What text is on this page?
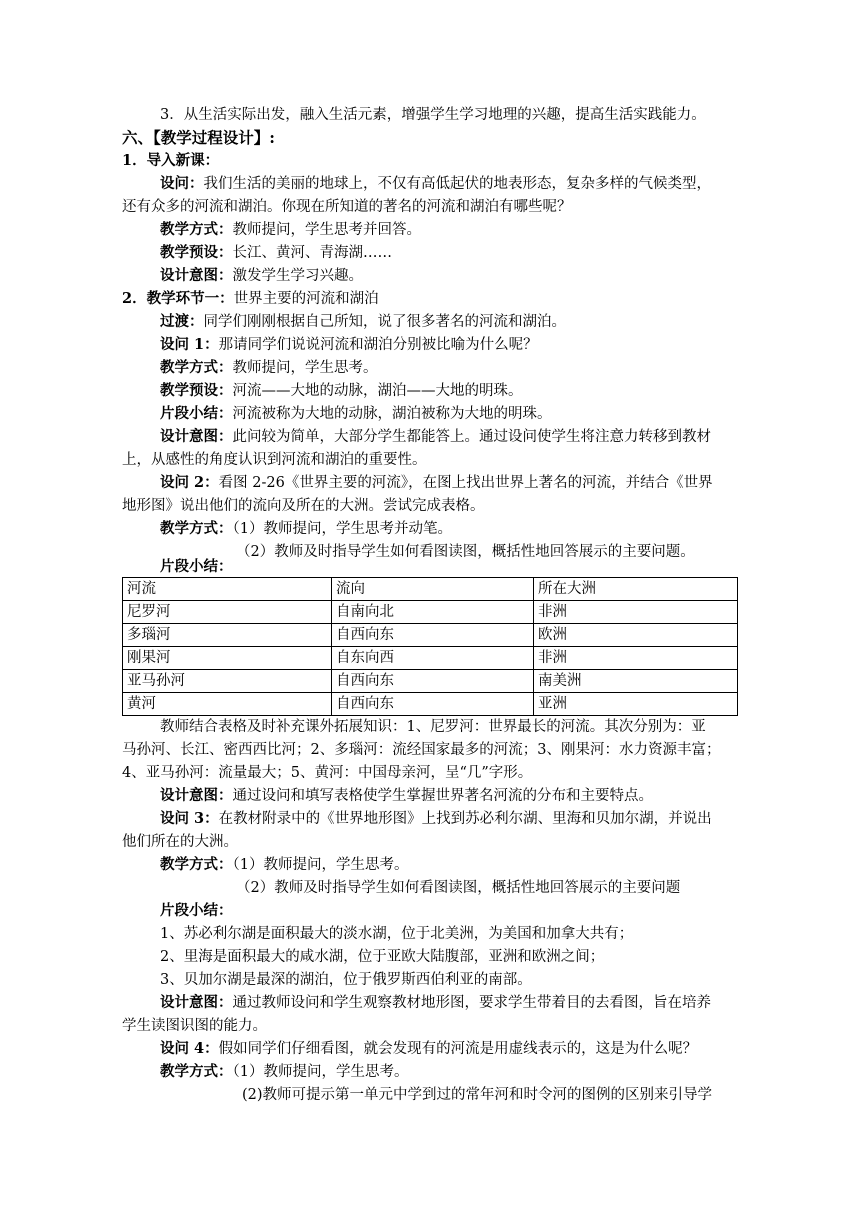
3．从生活实际出发，融入生活元素，增强学生学习地理的兴趣，提高生活实践能力。
六、【教学过程设计】:
1．导入新课：
设问：我们生活的美丽的地球上，不仅有高低起伏的地表形态，复杂多样的气候类型，
还有众多的河流和湖泊。你现在所知道的著名的河流和湖泊有哪些呢？
教学方式：教师提问，学生思考并回答。
教学预设：长江、黄河、青海湖……
设计意图：激发学生学习兴趣。
2．教学环节一：世界主要的河流和湖泊
过渡：同学们刚刚根据自己所知，说了很多著名的河流和湖泊。
设问 1：那请同学们说说河流和湖泊分别被比喻为什么呢？
教学方式：教师提问，学生思考。
教学预设：河流——大地的动脉，湖泊——大地的明珠。
片段小结：河流被称为大地的动脉，湖泊被称为大地的明珠。
设计意图：此问较为简单，大部分学生都能答上。通过设问使学生将注意力转移到教材
上，从感性的角度认识到河流和湖泊的重要性。
设问 2：看图 2-26《世界主要的河流》，在图上找出世界上著名的河流，并结合《世界
地形图》说出他们的流向及所在的大洲。尝试完成表格。
教学方式：（1）教师提问，学生思考并动笔。
（2）教师及时指导学生如何看图读图，概括性地回答展示的主要问题。
片段小结：
河流	流向	所在大洲
尼罗河	自南向北	非洲
多瑙河	自西向东	欧洲
刚果河	自东向西	非洲
亚马孙河	自西向东	南美洲
黄河	自西向东	亚洲
教师结合表格及时补充课外拓展知识：1、尼罗河：世界最长的河流。其次分别为：亚
马孙河、长江、密西西比河；2、多瑙河：流经国家最多的河流；3、刚果河：水力资源丰富；
4、亚马孙河：流量最大；5、黄河：中国母亲河，呈“几”字形。
设计意图：通过设问和填写表格使学生掌握世界著名河流的分布和主要特点。
设问 3：在教材附录中的《世界地形图》上找到苏必利尔湖、里海和贝加尔湖，并说出
他们所在的大洲。
教学方式：（1）教师提问，学生思考。
（2）教师及时指导学生如何看图读图，概括性地回答展示的主要问题
片段小结：
1、苏必利尔湖是面积最大的淡水湖，位于北美洲，为美国和加拿大共有；
2、里海是面积最大的咸水湖，位于亚欧大陆腹部，亚洲和欧洲之间；
3、贝加尔湖是最深的湖泊，位于俄罗斯西伯利亚的南部。
设计意图：通过教师设问和学生观察教材地形图，要求学生带着目的去看图，旨在培养
学生读图识图的能力。
设问 4：假如同学们仔细看图，就会发现有的河流是用虚线表示的，这是为什么呢？
教学方式：（1）教师提问，学生思考。
(2)教师可提示第一单元中学到过的常年河和时令河的图例的区别来引导学
